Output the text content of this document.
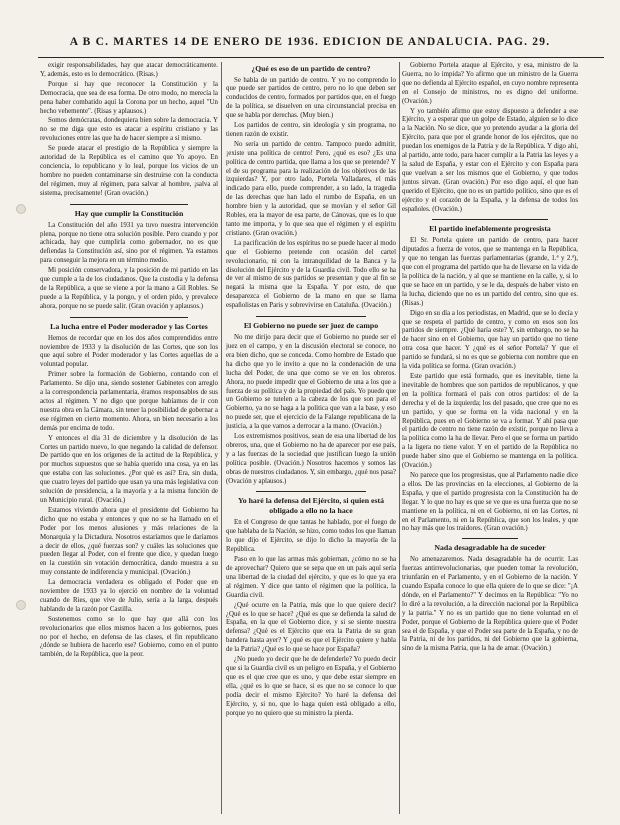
A B C. MARTES 14 DE ENERO DE 1936. EDICION DE ANDALUCIA. PAG. 29.

exigir responsabilidades, hay que atacar democráticamente. Y, además, esto es lo democrático. (Risas.)

Porque si hay que reconocer la Constitución y la Democracia, que sea de esa forma. De otro modo, no merecía la pena haber combatido aquí la Corona por un hecho, aquel "Un hecho vehemente". (Risas y aplausos.)

Somos demócratas, dondequiera bien sobre la democracia. Y no se me diga que esto es atacar a espíritu cristiano y las revoluciones entre las que ha de hacer siempre a sí mismo.

Se puede atacar el prestigio de la República y siempre la autoridad de la República es el camino que Yo apoyo. En conciencia, lo republicano y lo leal, porque los vicios de un hombre no pueden contaminarse sin destruirse con la conducta del régimen, muy al régimen, para salvar al hombre, ¡salva al sistema, precisamente! (Gran ovación.)

Hay que cumplir la Constitución

La Constitución del año 1931 ya tuvo nuestra intervención plena, porque no tiene otra solución posible. Pero cuando y por achicada, hay que cumplirla como gobernador, no es que defiendas la Constitución así, sino por el régimen. Ya estamos para conseguir la mejora en un término medio.

Mi posición conservadora, y la posición de mi partido en las que cumple a la de los ciudadanos. Que la custodia y la defensa de la República, a que se viene a por la mano a Gil Robles. Se puede a la República, y la pongo, y el orden pido, y prevalece ahora, porque no se puede salir. (Gran ovación y aplausos.)

La lucha entre el Poder moderador y las Cortes

Hemos de recordar que en los dos años comprendidos entre noviembre de 1933 y la disolución de las Cortes, que son los que aquí sobre el Poder moderador y las Cortes aquellas de a voluntad popular.

Primer sobre la formación de Gobierno, contando con el Parlamento. Se dijo una, siendo sostener Gabinetes con arreglo a la correspondencia parlamentaria, éramos responsables de sus actos al régimen. Y no digo que porque habíamos de ir con nuestra obra en la Cámara, sin tener la posibilidad de gobernar a ese régimen en cierto momento. Ahora, un bien necesario a los demás por encima de todo.

Y entonces el día 31 de diciembre y la disolución de las Cortes un partido nuevo, lo que negando la calidad de defensor. De partido que en los orígenes de la actitud de la República, y por muchos supuestos que se había querido una cosa, ya en las que estaba con las soluciones. ¿Por qué es así? Era, sin duda, que cuatro leyes del partido que usan ya una más legislativa con solución de presidencia, a la mayoría y a la misma función de un Municipio rural. (Ovación.)

Estamos viviendo ahora que el presidente del Gobierno ha dicho que no estaba y entonces y que no se ha llamado en el Poder por los menos alusiones y más relaciones de la Monarquía y la Dictadura. Nosotros estaríamos que le daríamos a decir de ellos, ¿qué fuerzas son? y cuáles las soluciones que pueden llegar al Poder, con el frente que dice, y quedan luego en la cuestión sin votación democrática, dando muestra a su muy constante de indiferencia y municipal. (Ovación.)

La democracia verdadera es obligado el Poder que en noviembre de 1933 ya lo ejerció en nombre de la voluntad cuando de Ries, que vive de Julio, sería a la larga, después hablando de la razón por Castilla.

Sostenemos como se lo que hay que allá con los revolucionarios que ellos mismos hacen a los gobiernos, pues no por el hecho, en defensa de las clases, el fin republicano ¿dónde se hubiera de hacerlo ese? Gobierno, como en el punto también, de la República, que la peor.

¿Qué es eso de un partido de centro?

Se habla de un partido de centro. Y yo no comprendo lo que puede ser partidos de centro, pero no lo que deben ser conducidos de centro, formados por partidos que, en el fuego de la política, se disuelven en una circunstancial precisa en que se habla por derechas. (Muy bien.)

Los partidos de centro, sin ideología y sin programa, no tienen razón de existir.

No sería un partido de centro. Tampoco puedo admitir, ¡existe una política de centro! Pero, ¿qué es eso? ¿Es una política de centro partida, que llama a los que se pretende? Y el de su programa para la realización de los objetivos de las izquierdas? Y, por otro lado, Portela Valladares, el más indicado para ello, puede comprender, a su lado, la tragedia de las derechas que han lado el rumbo de España, en un hombre bien y la autoridad, que se movían y el señor Gil Robles, era la mayor de esa parte, de Cánovas, que es lo que tanto me importa, y lo que sea que el régimen y el espíritu cristiano. (Gran ovación.)

La pacificación de los espíritus no se puede hacer al modo que el Gobierno pretende con ocasión del cartel revolucionario, ni con la intranquilidad de la Banca y la disolución del Ejército y de la Guardia civil. Todo ello se ha de ver al mismo de sus partidos se presentan y que al fin se negará la misma que la España. Y por esto, de que desaparezca el Gobierno de la mano en que se llama españolistas en Paris y sobrevivirse en Cataluña. (Ovación.)

El Gobierno no puede ser juez de campo

No me dirijo para decir que el Gobierno no puede ser el juez en el campo, y en la discusión electoral se conoce, no era bien dicho, que se conceda. Como hombre de Estado que ha dicho que yo le invito a que no la condenación de una lucha del Poder, de una que como se ve en los obreros. Ahora, no puede impedir que el Gobierno de una a los que a fuerza de su política y de la propiedad del país. Yo puedo que un Gobierno se tutelen a la cabeza de los que son para el Gobierno, ya no se haga a la política que van a la base, y eso no puede ser, que el ejercicio de la Falange republicana de la justicia, a la que vamos a derrocar a la mano. (Ovación.)

Los extremismos positivos, sean de esa una libertad de los obreros, una, que el Gobierno no ha de aparecer por ese país, y a las fuerzas de la sociedad que justifican luego la unión política posible. (Ovación.) Nosotros hacemos y somos las obras de nuestros ciudadanos. Y, sin embargo, ¿qué nos pasa? (Ovación y aplausos.)

Yo haré la defensa del Ejército, si quien está obligado a ello no la hace

En el Congreso de que tantas he hablado, por el fuego de que hablaba de la Nación, se hizo, como todos los que llaman lo que dijo el Ejército, se dijo lo dicho la mayoría de la República.

Paso en lo que las armas más gobiernan, ¿cómo no se ha de aprovechar? Quiero que se sepa que en un país aquí sería una libertad de la ciudad del ejército, y que es lo que ya era al régimen. Y dice que tanto el régimen que la política, la Guardia civil.

¿Qué ocurre en la Patria, más que lo que quiere decir? ¿Qué es lo que se hace? ¿Qué es que se defienda la salud de España, en la que el Gobierno dice, y si se siente nuestra defensa? ¿Qué es el Ejército que era la Patria de su gran bandera hasta ayer? Y ¿qué es que el Ejército quiere y habla de la Patria? ¿Qué es lo que se hace por España?

¿No puedo yo decir que he de defenderle? Yo puedo decir que si la Guardia civil es un peligro en España, y el Gobierno que es el que cree que es uno, y que debe estar siempre en ella, ¿qué es lo que se hace, si es que no se conoce lo que podía decir el mismo Ejército? Yo haré la defensa del Ejército, y, si no, que lo haga quien está obligado a ello, porque yo no quiero que su ministro la pierda.

Gobierno Portela ataque al Ejército, y esa, ministro de la Guerra, no lo impida? Yo afirmo que un ministro de la Guerra que no defienda al Ejército español, en cuyo nombre representa en el Consejo de ministros, no es digno del uniforme. (Ovación.)

Y yo también afirmo que estoy dispuesto a defender a ese Ejército, y a esperar que un golpe de Estado, alguien se lo dice a la Nación. No se dice, que yo pretendo ayudar a la gloria del Ejército, para que por el grande honor de los ejércitos, que no puedan los enemigos de la Patria y de la República. Y digo ahí, al partido, ante todo, para hacer cumplir a la Patria las leyes y a la salud de España, y estar con el Ejército y con España para que vuelvan a ser los mismos que el Gobierno, y que todos juntos sirvan. (Gran ovación.) Por eso digo aquí, el que han querido el Ejército, que no es un partido político, sino que es el ejército y el corazón de la España, y la defensa de todos los españoles. (Ovación.)

El partido inefablemente progresista

El Sr. Portela quiere un partido de centro, para hacer diputados a fuerza de votos, que se mantenga en la República, y que no tengan las fuerzas parlamentarias (grande, 1.ª y 2.ª), que con el programa del partido que ha de llevarse en la vida de la política de la nación, y al que se mantiene en la calle, y, si lo que se hace en un partido, y se le da, después de haber visto en la lucha, diciendo que no es un partido del centro, sino que es. (Risas.)

Digo en su día a los periodistas, en Madrid, que se lo decía y que se respeta el partido de centro, y como en esos son los partidos de siempre. ¿Qué haría este? Y, sin embargo, no se ha de hacer sino en el Gobierno, que hay un partido que no tiene otra cosa que hacer. Y ¿qué es el señor Portela? Y que el partido se fundará, si no es que se gobierna con nombre que en la vida política se forma. (Gran ovación.)

Este partido que está formado, que es inevitable, tiene la inevitable de hombres que son partidos de republicanos, y que en la política formará el país con otros partidos: el de la derecha y el de la izquierda; los del pasado, que cree que no es un partido, y que se forma en la vida nacional y en la República, pues en el Gobierno se va a formar. Y ahí pasa que el partido de centro no tiene razón de existir, porque no lleva a la política como la ha de llevar. Pero el que se forma un partido a la ligera no tiene valor. Y en el partido de la República no puede haber sino que el Gobierno se mantenga en la política. (Ovación.)

No parece que los progresistas, que al Parlamento nadie dice a ellos. De las provincias en la elecciones, al Gobierno de la España, y que el partido progresista con la Constitución ha de llegar. Y lo que no hay es que se ve que es una fuerza que no se mantiene en la política, ni en el Gobierno, ni en las Cortes, ni en el Parlamento, ni en la República, que son los leales, y que no hay más que los traidores. (Gran ovación.)

Nada desagradable ha de suceder

No amenazaremos. Nada desagradable ha de ocurrir. Las fuerzas antirrevolucionarias, que pueden tomar la revolución, triunfarán en el Parlamento, y en el Gobierno de la nación. Y cuando España conoce lo que ella quiere de lo que se dice: "¡A dónde, en el Parlamento?" Y decimos en la República: "Yo no lo diré a la revolución, a la dirección nacional por la República y la patria." Y no es un partido que no tiene voluntad en el Poder, porque el Gobierno de la República quiere que el Poder sea el de España, y que el Poder sea parte de la España, y no de la Patria, ni de los partidos, ni del Gobierno que la gobierna, sino de la misma Patria, que la ha de amar. (Ovación.)
